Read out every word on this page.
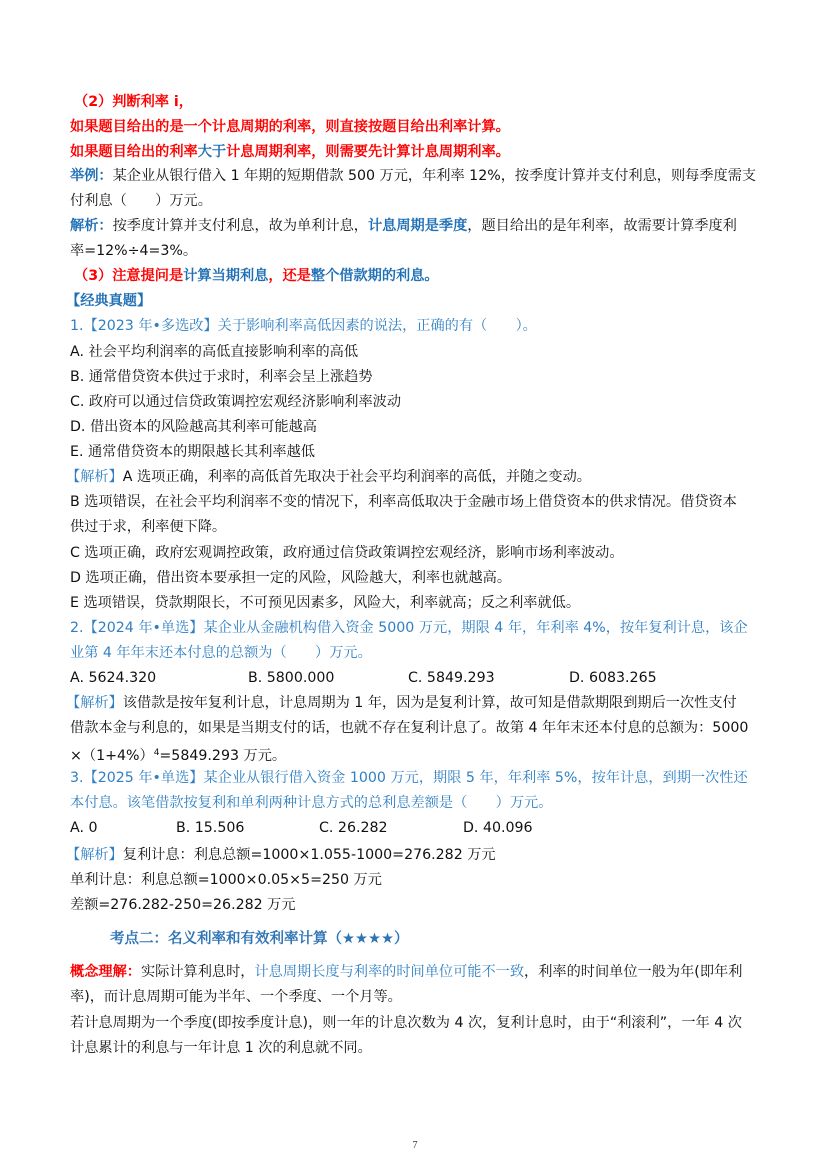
（2）判断利率 i，
如果题目给出的是一个计息周期的利率，则直接按题目给出利率计算。
如果题目给出的利率大于计息周期利率，则需要先计算计息周期利率。
举例：某企业从银行借入 1 年期的短期借款 500 万元，年利率 12%，按季度计算并支付利息，则每季度需支
付利息（　　）万元。
解析：按季度计算并支付利息，故为单利计息，计息周期是季度，题目给出的是年利率，故需要计算季度利
率=12%÷4=3%。
（3）注意提问是计算当期利息，还是整个借款期的利息。
【经典真题】
1.【2023 年•多选改】关于影响利率高低因素的说法，正确的有（　　）。
A. 社会平均利润率的高低直接影响利率的高低
B. 通常借贷资本供过于求时，利率会呈上涨趋势
C. 政府可以通过信贷政策调控宏观经济影响利率波动
D. 借出资本的风险越高其利率可能越高
E. 通常借贷资本的期限越长其利率越低
【解析】A 选项正确，利率的高低首先取决于社会平均利润率的高低，并随之变动。
B 选项错误，在社会平均利润率不变的情况下，利率高低取决于金融市场上借贷资本的供求情况。借贷资本
供过于求，利率便下降。
C 选项正确，政府宏观调控政策，政府通过信贷政策调控宏观经济，影响市场利率波动。
D 选项正确，借出资本要承担一定的风险，风险越大，利率也就越高。
E 选项错误，贷款期限长，不可预见因素多，风险大，利率就高；反之利率就低。
2.【2024 年•单选】某企业从金融机构借入资金 5000 万元，期限 4 年，年利率 4%，按年复利计息，该企
业第 4 年年末还本付息的总额为（　　）万元。
A. 5624.320	B. 5800.000	C. 5849.293	D. 6083.265
【解析】该借款是按年复利计息，计息周期为 1 年，因为是复利计算，故可知是借款期限到期后一次性支付
借款本金与利息的，如果是当期支付的话，也就不存在复利计息了。故第 4 年年末还本付息的总额为：5000
$\times(1+4\%)^4=5849.293$ 万元。
3.【2025 年•单选】某企业从银行借入资金 1000 万元，期限 5 年，年利率 5%，按年计息，到期一次性还
本付息。该笔借款按复利和单利两种计息方式的总利息差额是（　　）万元。
A. 0	B. 15.506	C. 26.282	D. 40.096
【解析】复利计息：利息总额=1000×1.055-1000=276.282 万元
单利计息：利息总额=1000×0.05×5=250 万元
差额=276.282-250=26.282 万元
考点二：名义利率和有效利率计算（★★★★）
概念理解：实际计算利息时，计息周期长度与利率的时间单位可能不一致，利率的时间单位一般为年(即年利
率)，而计息周期可能为半年、一个季度、一个月等。
若计息周期为一个季度(即按季度计息)，则一年的计息次数为 4 次，复利计息时，由于“利滚利”，一年 4 次
计息累计的利息与一年计息 1 次的利息就不同。
7
